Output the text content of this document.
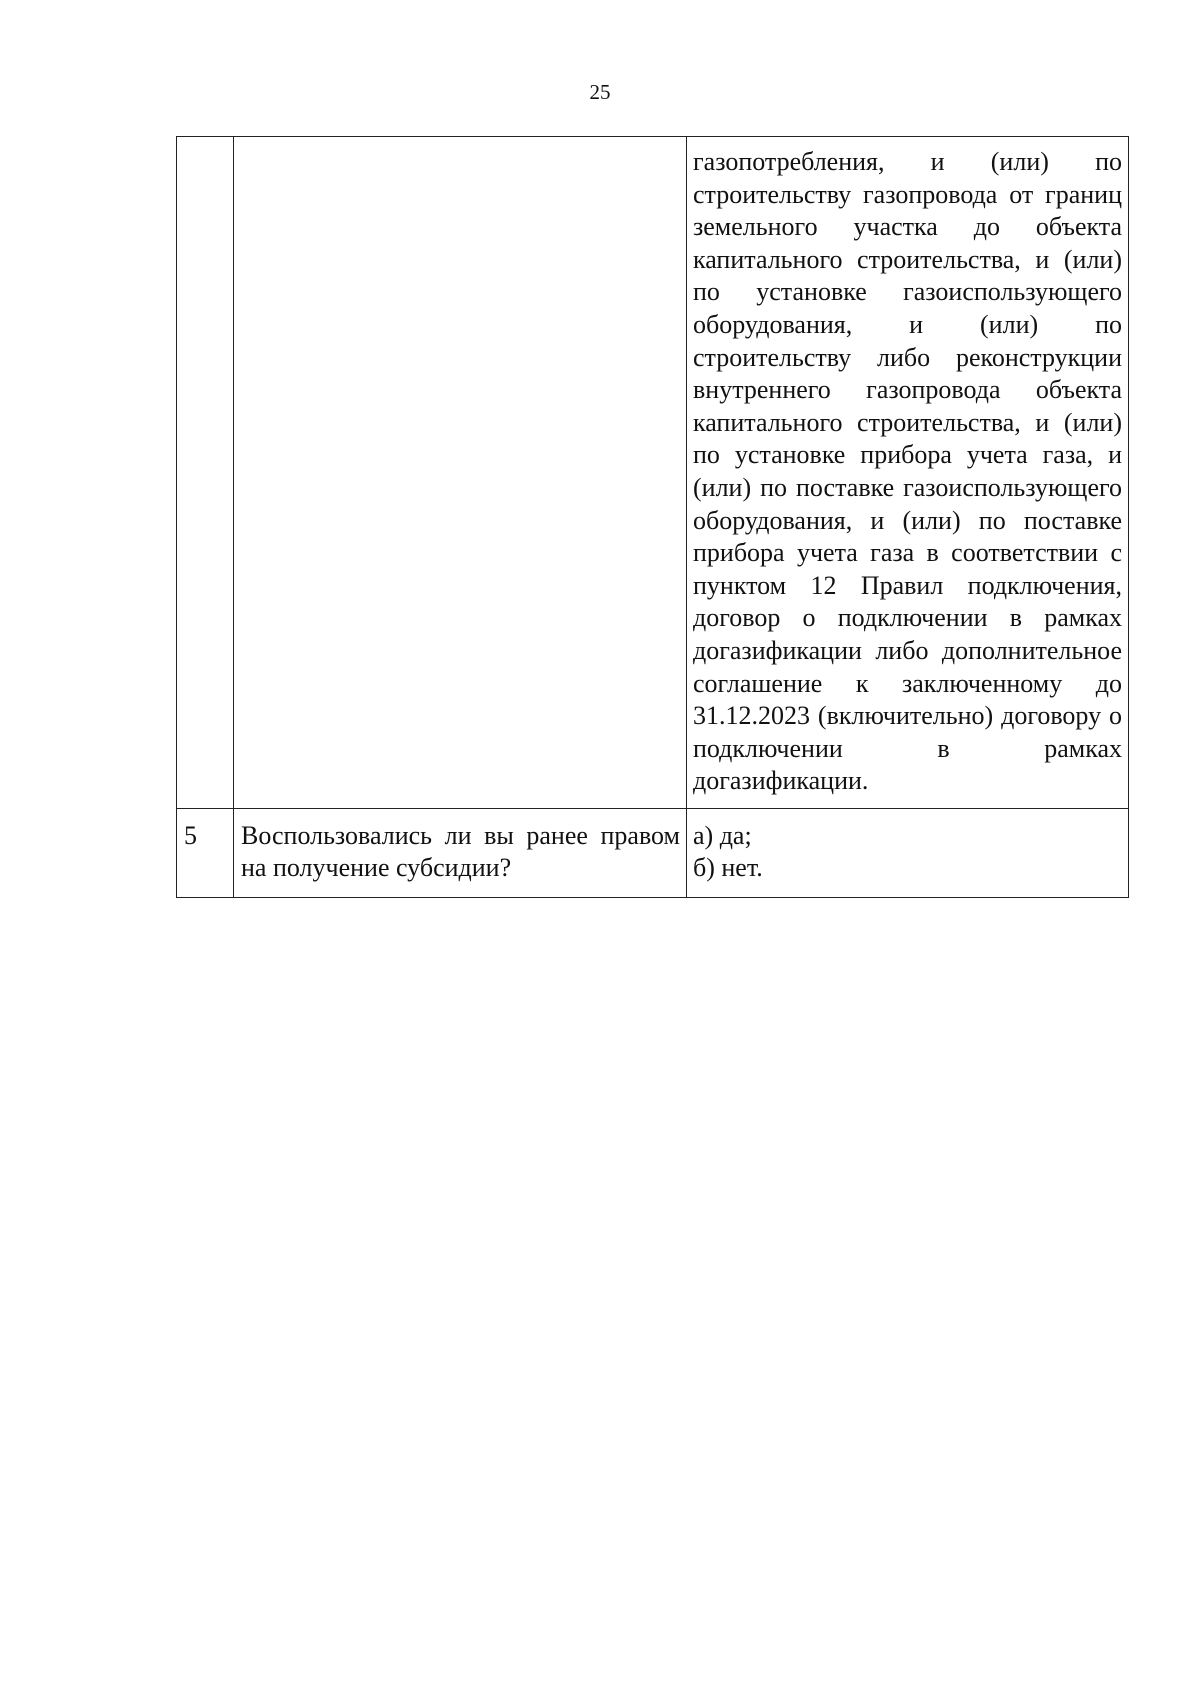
25

		газопотребления, и (или) по строительству газопровода от границ земельного участка до объекта капитального строительства, и (или) по установке газоиспользующего оборудования, и (или) по строительству либо реконструкции внутреннего газопровода объекта капитального строительства, и (или) по установке прибора учета газа, и (или) по поставке газоиспользующего оборудования, и (или) по поставке прибора учета газа в соответствии с пунктом 12 Правил подключения, договор о подключении в рамках догазификации либо дополнительное соглашение к заключенному до 31.12.2023 (включительно) договору о подключении в рамках догазификации.

5	Воспользовались ли вы ранее правом на получение субсидии?	а) да;
б) нет.
